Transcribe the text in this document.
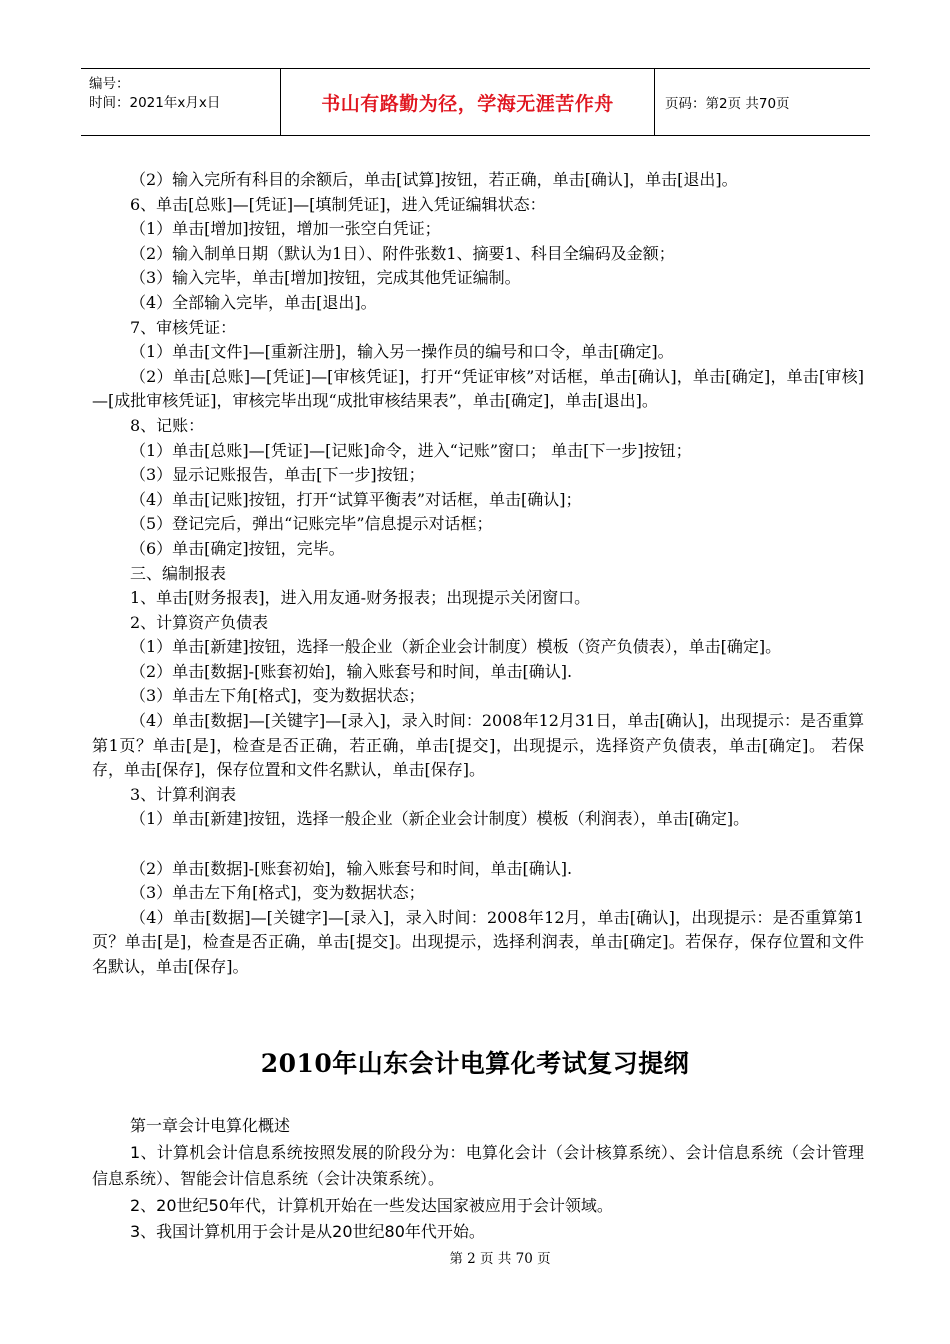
编号：
时间：2021年x月x日	书山有路勤为径，学海无涯苦作舟	页码：第2页 共70页

（2）输入完所有科目的余额后，单击[试算]按钮，若正确，单击[确认]，单击[退出]。

6、单击[总账]—[凭证]—[填制凭证]，进入凭证编辑状态：

（1）单击[增加]按钮，增加一张空白凭证；

（2）输入制单日期（默认为1日）、附件张数1、摘要1、科目全编码及金额；

（3）输入完毕，单击[增加]按钮，完成其他凭证编制。

（4）全部输入完毕，单击[退出]。

7、审核凭证：

（1）单击[文件]—[重新注册]，输入另一操作员的编号和口令，单击[确定]。

（2）单击[总账]—[凭证]—[审核凭证]，打开“凭证审核”对话框，单击[确认]，单击[确定]，单击[审核]—[成批审核凭证]，审核完毕出现“成批审核结果表”，单击[确定]，单击[退出]。

8、记账：

（1）单击[总账]—[凭证]—[记账]命令，进入“记账”窗口； 单击[下一步]按钮；

（3）显示记账报告，单击[下一步]按钮；

（4）单击[记账]按钮，打开“试算平衡表”对话框，单击[确认]；

（5）登记完后，弹出“记账完毕”信息提示对话框；

（6）单击[确定]按钮，完毕。

三、编制报表

1、单击[财务报表]，进入用友通-财务报表；出现提示关闭窗口。

2、计算资产负债表

（1）单击[新建]按钮，选择一般企业（新企业会计制度）模板（资产负债表），单击[确定]。

（2）单击[数据]-[账套初始]，输入账套号和时间，单击[确认].

（3）单击左下角[格式]，变为数据状态；

（4）单击[数据]—[关键字]—[录入]，录入时间：2008年12月31日，单击[确认]，出现提示：是否重算第1页？单击[是]，检查是否正确，若正确，单击[提交]，出现提示，选择资产负债表，单击[确定]。 若保存，单击[保存]，保存位置和文件名默认，单击[保存]。

3、计算利润表

（1）单击[新建]按钮，选择一般企业（新企业会计制度）模板（利润表），单击[确定]。

（2）单击[数据]-[账套初始]，输入账套号和时间，单击[确认].

（3）单击左下角[格式]，变为数据状态；

（4）单击[数据]—[关键字]—[录入]，录入时间：2008年12月，单击[确认]，出现提示：是否重算第1页？单击[是]，检查是否正确，单击[提交]。出现提示，选择利润表，单击[确定]。若保存，保存位置和文件名默认，单击[保存]。

2010年山东会计电算化考试复习提纲

第一章会计电算化概述

1、计算机会计信息系统按照发展的阶段分为：电算化会计（会计核算系统）、会计信息系统（会计管理信息系统）、智能会计信息系统（会计决策系统）。

2、20世纪50年代，计算机开始在一些发达国家被应用于会计领域。

3、我国计算机用于会计是从20世纪80年代开始。

第 2 页 共 70 页
